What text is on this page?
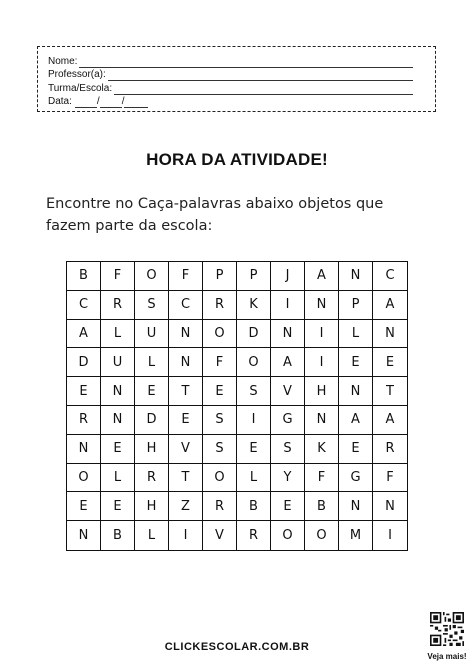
Nome:
Professor(a):
Turma/Escola:
Data:	/ /
HORA DA ATIVIDADE!
Encontre no Caça-palavras abaixo objetos que fazem parte da escola:
B	F	O	F	P	P	J	A	N	C
C	R	S	C	R	K	I	N	P	A
A	L	U	N	O	D	N	I	L	N
D	U	L	N	F	O	A	I	E	E
E	N	E	T	E	S	V	H	N	T
R	N	D	E	S	I	G	N	A	A
N	E	H	V	S	E	S	K	E	R
O	L	R	T	O	L	Y	F	G	F
E	E	H	Z	R	B	E	B	N	N
N	B	L	I	V	R	O	O	M	I
CLICKESCOLAR.COM.BR
Veja mais!
